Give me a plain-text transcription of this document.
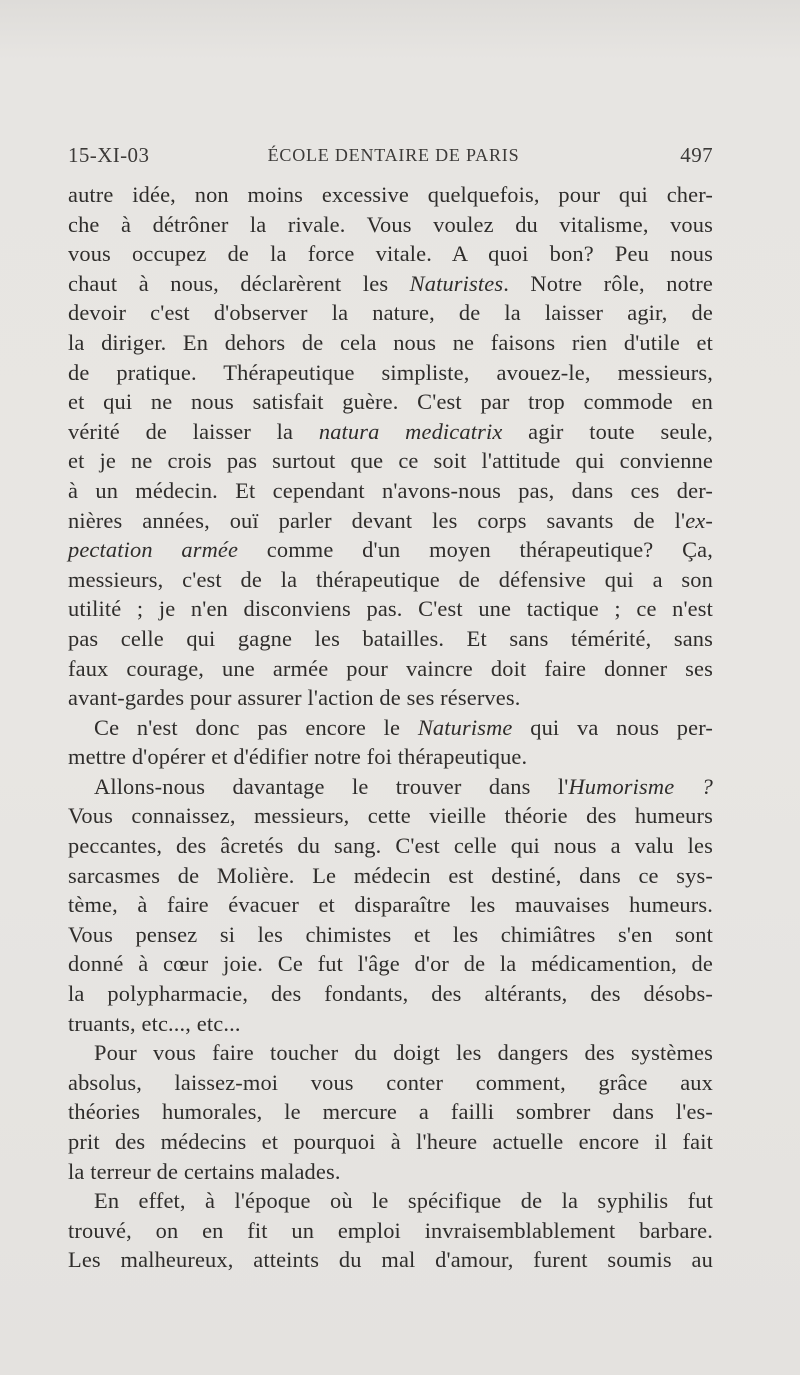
15-XI-03	ÉCOLE DENTAIRE DE PARIS	497
autre idée, non moins excessive quelquefois, pour qui cher-
che à détrôner la rivale. Vous voulez du vitalisme, vous
vous occupez de la force vitale. A quoi bon? Peu nous
chaut à nous, déclarèrent les Naturistes. Notre rôle, notre
devoir c'est d'observer la nature, de la laisser agir, de
la diriger. En dehors de cela nous ne faisons rien d'utile et
de pratique. Thérapeutique simpliste, avouez-le, messieurs,
et qui ne nous satisfait guère. C'est par trop commode en
vérité de laisser la natura medicatrix agir toute seule,
et je ne crois pas surtout que ce soit l'attitude qui convienne
à un médecin. Et cependant n'avons-nous pas, dans ces der-
nières années, ouï parler devant les corps savants de l'ex-
pectation armée comme d'un moyen thérapeutique? Ça,
messieurs, c'est de la thérapeutique de défensive qui a son
utilité ; je n'en disconviens pas. C'est une tactique ; ce n'est
pas celle qui gagne les batailles. Et sans témérité, sans
faux courage, une armée pour vaincre doit faire donner ses
avant-gardes pour assurer l'action de ses réserves.
Ce n'est donc pas encore le Naturisme qui va nous per-
mettre d'opérer et d'édifier notre foi thérapeutique.
Allons-nous davantage le trouver dans l'Humorisme ?
Vous connaissez, messieurs, cette vieille théorie des humeurs
peccantes, des âcretés du sang. C'est celle qui nous a valu les
sarcasmes de Molière. Le médecin est destiné, dans ce sys-
tème, à faire évacuer et disparaître les mauvaises humeurs.
Vous pensez si les chimistes et les chimiâtres s'en sont
donné à cœur joie. Ce fut l'âge d'or de la médicamention, de
la polypharmacie, des fondants, des altérants, des désobs-
truants, etc..., etc...
Pour vous faire toucher du doigt les dangers des systèmes
absolus, laissez-moi vous conter comment, grâce aux
théories humorales, le mercure a failli sombrer dans l'es-
prit des médecins et pourquoi à l'heure actuelle encore il fait
la terreur de certains malades.
En effet, à l'époque où le spécifique de la syphilis fut
trouvé, on en fit un emploi invraisemblablement barbare.
Les malheureux, atteints du mal d'amour, furent soumis au
